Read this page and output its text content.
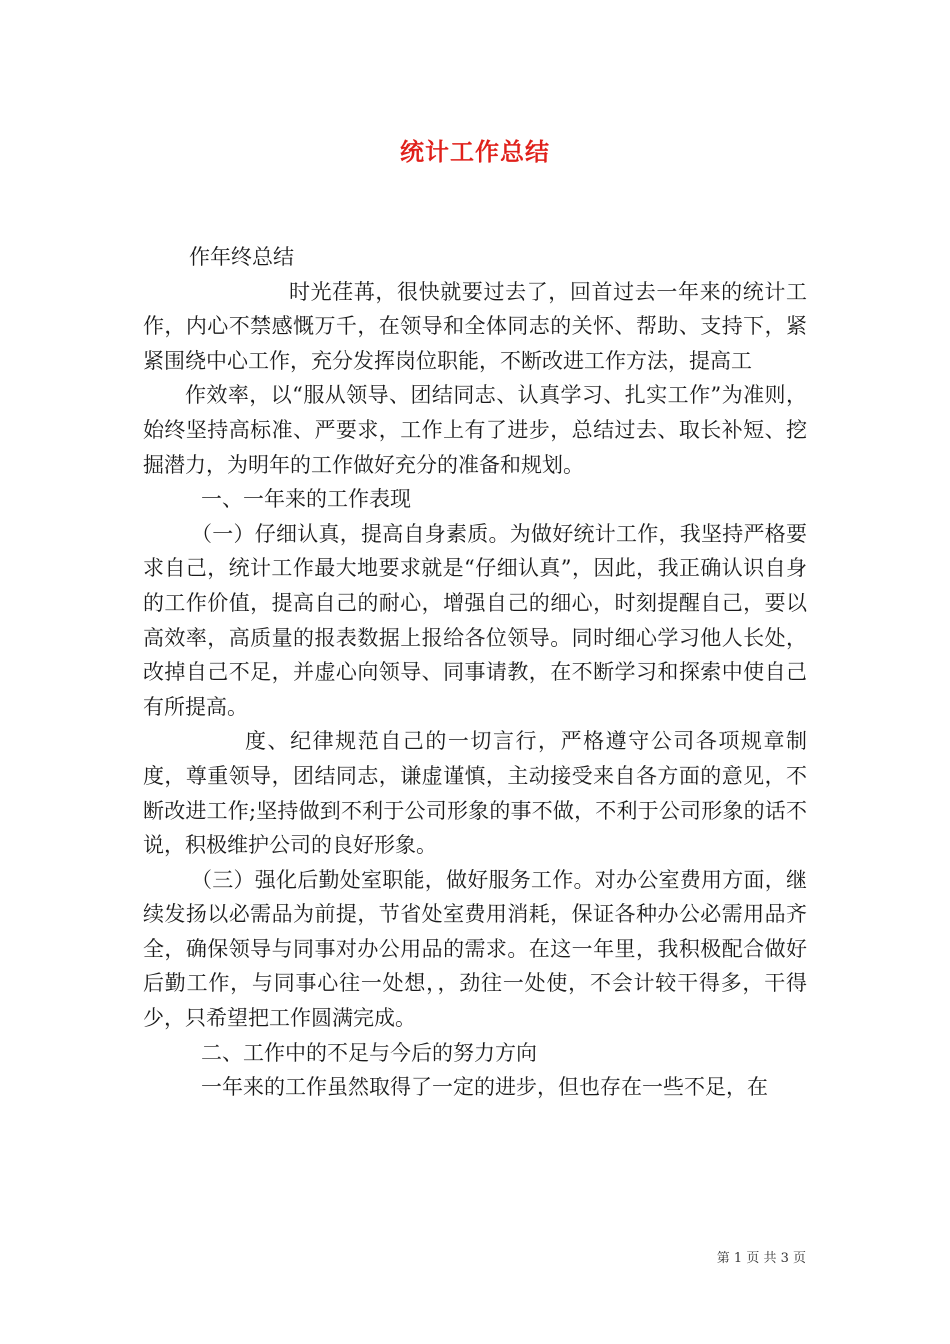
统计工作总结

作年终总结

时光荏苒，很快就要过去了，回首过去一年来的统计工作，内心不禁感慨万千，在领导和全体同志的关怀、帮助、支持下，紧紧围绕中心工作，充分发挥岗位职能，不断改进工作方法，提高工

作效率，以“服从领导、团结同志、认真学习、扎实工作”为准则，始终坚持高标准、严要求，工作上有了进步，总结过去、取长补短、挖掘潜力，为明年的工作做好充分的准备和规划。

一、一年来的工作表现

（一）仔细认真，提高自身素质。为做好统计工作，我坚持严格要求自己，统计工作最大地要求就是“仔细认真”，因此，我正确认识自身的工作价值，提高自己的耐心，增强自己的细心，时刻提醒自己，要以高效率，高质量的报表数据上报给各位领导。同时细心学习他人长处，改掉自己不足，并虚心向领导、同事请教，在不断学习和探索中使自己有所提高。

度、纪律规范自己的一切言行，严格遵守公司各项规章制度，尊重领导，团结同志，谦虚谨慎，主动接受来自各方面的意见，不断改进工作;坚持做到不利于公司形象的事不做，不利于公司形象的话不说，积极维护公司的良好形象。

（三）强化后勤处室职能，做好服务工作。对办公室费用方面，继续发扬以必需品为前提，节省处室费用消耗，保证各种办公必需用品齐全，确保领导与同事对办公用品的需求。在这一年里，我积极配合做好后勤工作，与同事心往一处想，，劲往一处使，不会计较干得多，干得少，只希望把工作圆满完成。

二、工作中的不足与今后的努力方向

一年来的工作虽然取得了一定的进步，但也存在一些不足，在

第 1 页 共 3 页
